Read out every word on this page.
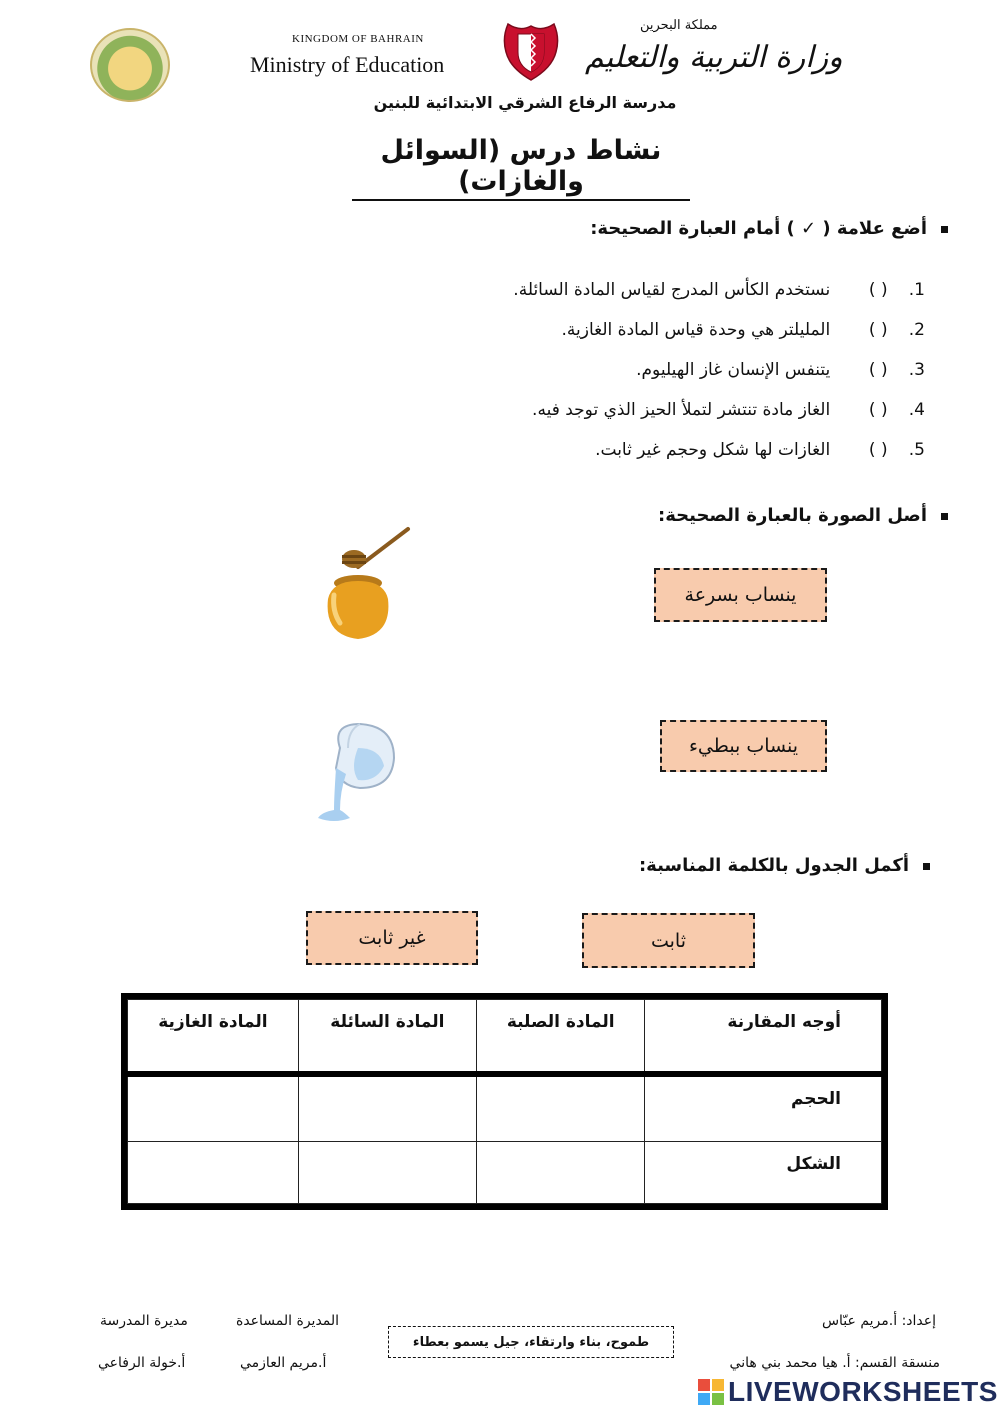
KINGDOM OF BAHRAIN
Ministry of Education
مملكة البحرين
وزارة التربية والتعليم
مدرسة الرفاع الشرقي الابتدائية للبنين
نشاط درس (السوائل والغازات)
أضع علامة ( ✓ ) أمام العبارة الصحيحة:
1. ( ) نستخدم الكأس المدرج لقياس المادة السائلة.
2. ( ) المليلتر هي وحدة قياس المادة الغازية.
3. ( ) يتنفس الإنسان غاز الهيليوم.
4. ( ) الغاز مادة تنتشر لتملأ الحيز الذي توجد فيه.
5. ( ) الغازات لها شكل وحجم غير ثابت.
أصل الصورة بالعبارة الصحيحة:
ينساب بسرعة
ينساب ببطيء
أكمل الجدول بالكلمة المناسبة:
غير ثابت	ثابت
أوجه المقارنة	المادة الصلبة	المادة السائلة	المادة الغازية
الحجم			
الشكل			
إعداد: أ.مريم عبّاس
منسقة القسم: أ. هيا محمد بني هاني
المديرة المساعدة
أ.مريم العازمي
مديرة المدرسة
أ.خولة الرفاعي
طموح، بناء وارتقاء، جيل يسمو بعطاء
LIVEWORKSHEETS
